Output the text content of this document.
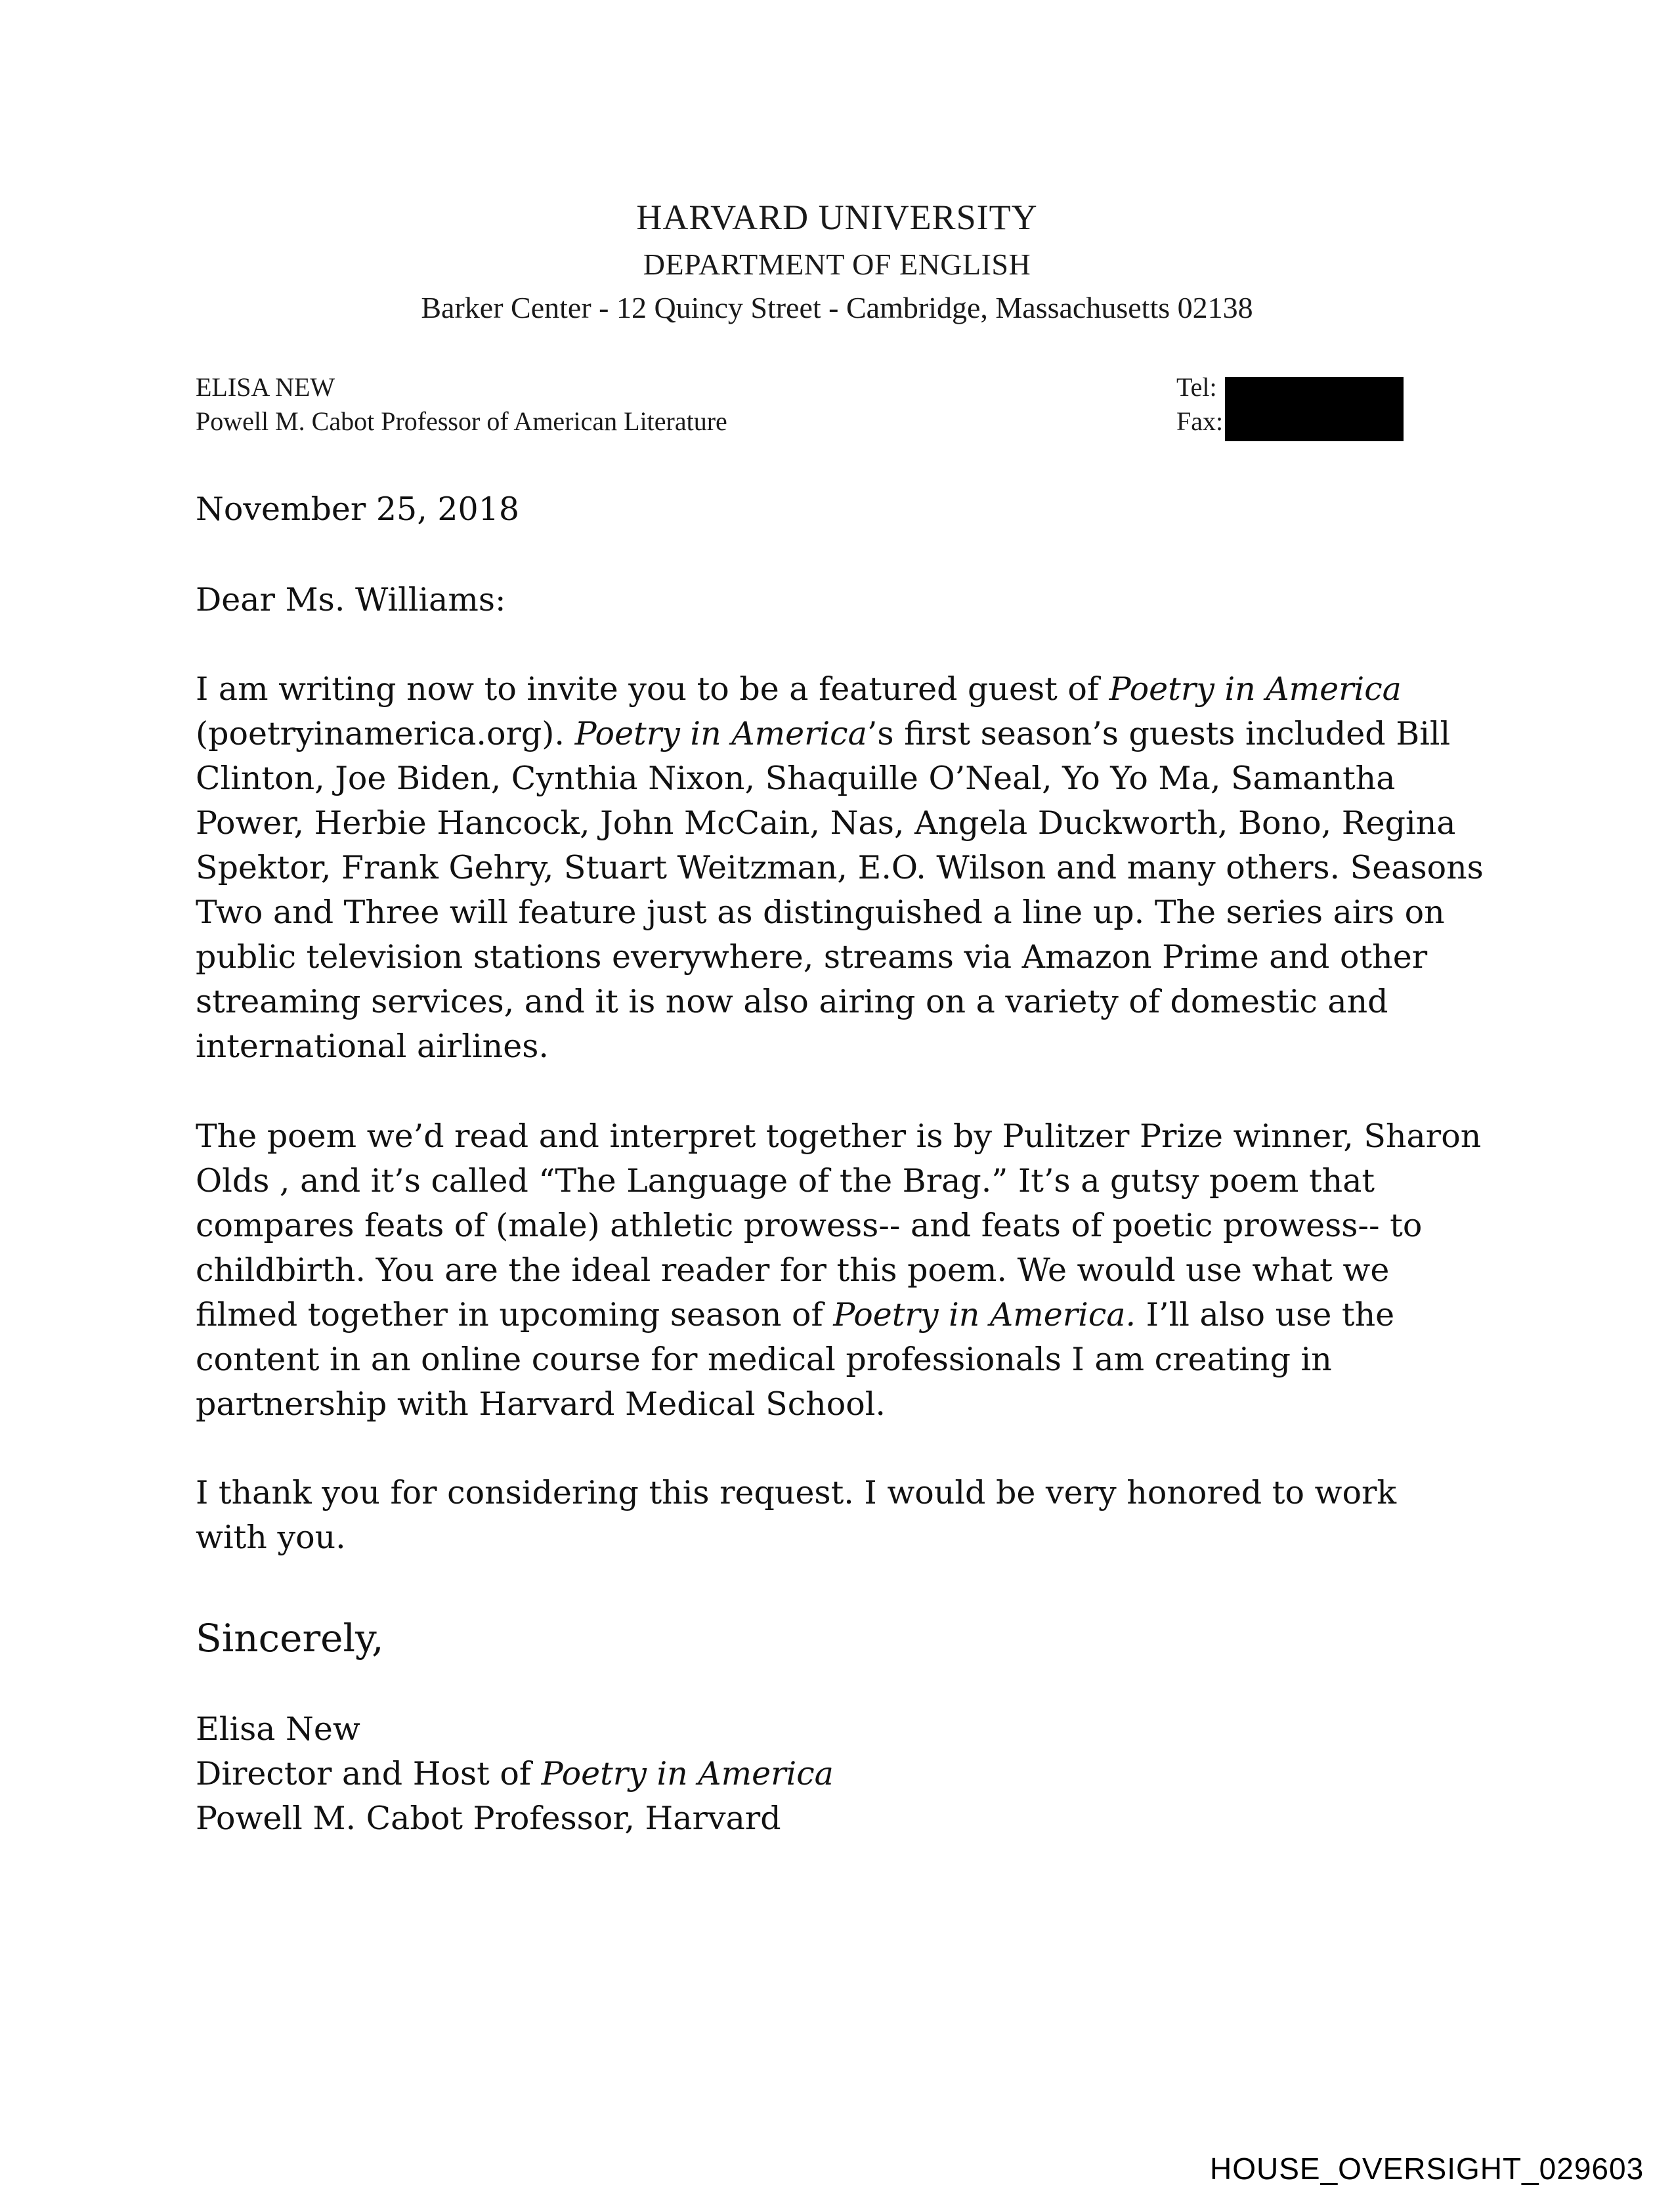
HARVARD UNIVERSITY
DEPARTMENT OF ENGLISH
Barker Center - 12 Quincy Street - Cambridge, Massachusetts 02138
ELISA NEW
Powell M. Cabot Professor of American Literature
Tel:
Fax:
November 25, 2018
Dear Ms. Williams:
I am writing now to invite you to be a featured guest of Poetry in America
(poetryinamerica.org). Poetry in America’s first season’s guests included Bill
Clinton, Joe Biden, Cynthia Nixon, Shaquille O’Neal, Yo Yo Ma, Samantha
Power, Herbie Hancock, John McCain, Nas, Angela Duckworth, Bono, Regina
Spektor, Frank Gehry, Stuart Weitzman, E.O. Wilson and many others. Seasons
Two and Three will feature just as distinguished a line up. The series airs on
public television stations everywhere, streams via Amazon Prime and other
streaming services, and it is now also airing on a variety of domestic and
international airlines.
The poem we’d read and interpret together is by Pulitzer Prize winner, Sharon
Olds , and it’s called “The Language of the Brag.” It’s a gutsy poem that
compares feats of (male) athletic prowess-- and feats of poetic prowess-- to
childbirth. You are the ideal reader for this poem. We would use what we
filmed together in upcoming season of Poetry in America. I’ll also use the
content in an online course for medical professionals I am creating in
partnership with Harvard Medical School.
I thank you for considering this request. I would be very honored to work
with you.
Sincerely,
Elisa New
Director and Host of Poetry in America
Powell M. Cabot Professor, Harvard
HOUSE_OVERSIGHT_029603
